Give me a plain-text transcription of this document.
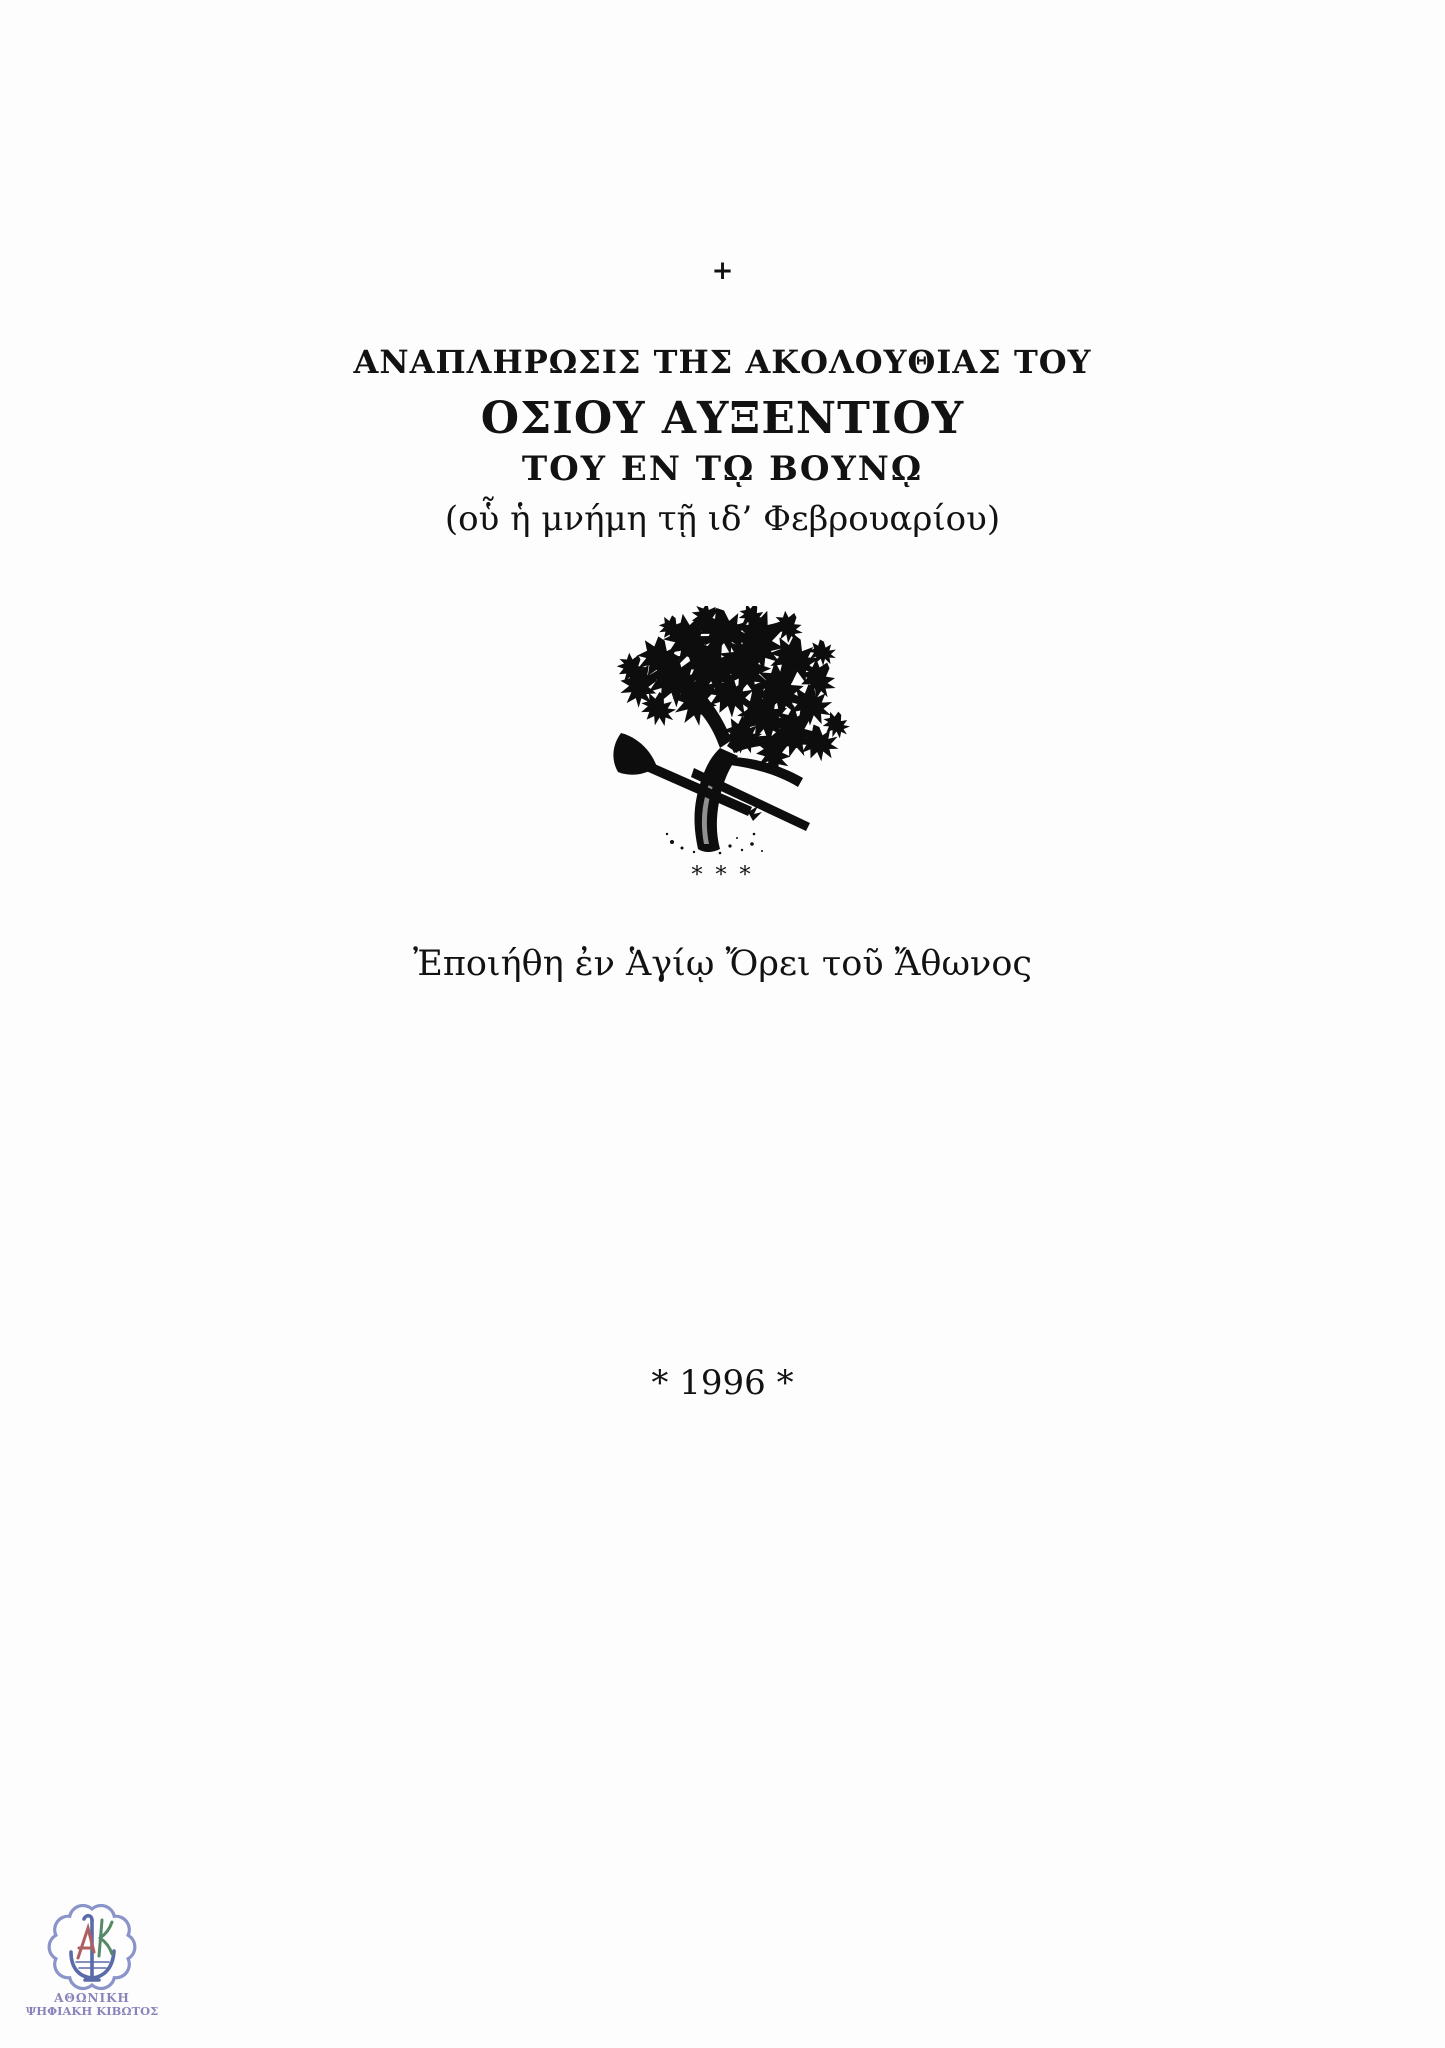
+
ΑΝΑΠΛΗΡΩΣΙΣ ΤΗΣ ΑΚΟΛΟΥΘΙΑΣ ΤΟΥ
ΟΣΙΟΥ ΑΥΞΕΝΤΙΟΥ
ΤΟΥ ΕΝ Τῼ ΒΟΥΝῼ
(οὗ ἡ μνήμη τῇ ιδ’ Φεβρουαρίου)
* * *
Ἐποιήθη ἐν Ἁγίῳ Ὄρει τοῦ Ἄθωνος
* 1996 *
ΑΘΩΝΙΚΗ
ΨΗΦΙΑΚΗ ΚΙΒΩΤΟΣ
